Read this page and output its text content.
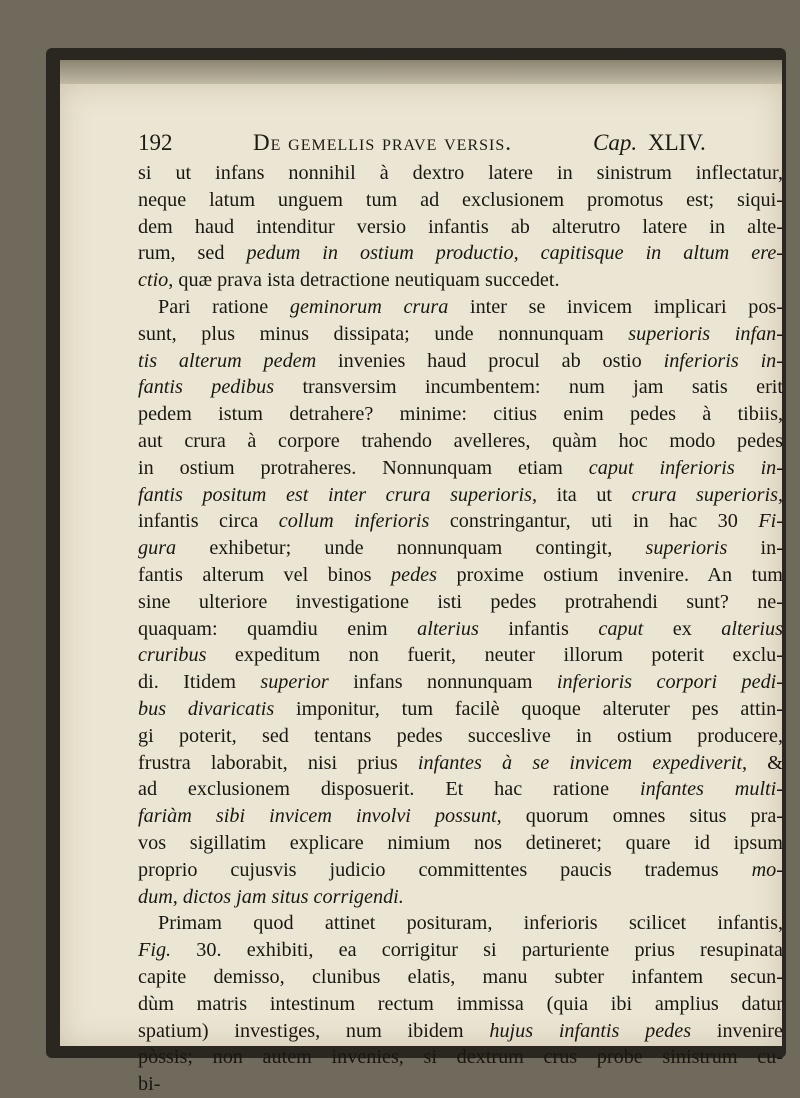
192	De gemellis prave versis.	Cap. XLIV.
si ut infans nonnihil à dextro latere in sinistrum inflectatur,
neque latum unguem tum ad exclusionem promotus est; siqui-
dem haud intenditur versio infantis ab alterutro latere in alte-
rum, sed pedum in ostium productio, capitisque in altum ere-
ctio, quæ prava ista detractione neutiquam succedet.
Pari ratione geminorum crura inter se invicem implicari pos-
sunt, plus minus dissipata; unde nonnunquam superioris infan-
tis alterum pedem invenies haud procul ab ostio inferioris in-
fantis pedibus transversim incumbentem: num jam satis erit
pedem istum detrahere? minime: citius enim pedes à tibiis,
aut crura à corpore trahendo avelleres, quàm hoc modo pedes
in ostium protraheres. Nonnunquam etiam caput inferioris in-
fantis positum est inter crura superioris, ita ut crura superioris,
infantis circa collum inferioris constringantur, uti in hac 30 Fi-
gura exhibetur; unde nonnunquam contingit, superioris in-
fantis alterum vel binos pedes proxime ostium invenire. An tum
sine ulteriore investigatione isti pedes protrahendi sunt? ne-
quaquam: quamdiu enim alterius infantis caput ex alterius
cruribus expeditum non fuerit, neuter illorum poterit exclu-
di. Itidem superior infans nonnunquam inferioris corpori pedi-
bus divaricatis imponitur, tum facilè quoque alteruter pes attin-
gi poterit, sed tentans pedes succeslive in ostium producere,
frustra laborabit, nisi prius infantes à se invicem expediverit, &
ad exclusionem disposuerit. Et hac ratione infantes multi-
fariàm sibi invicem involvi possunt, quorum omnes situs pra-
vos sigillatim explicare nimium nos detineret; quare id ipsum
proprio cujusvis judicio committentes paucis trademus mo-
dum, dictos jam situs corrigendi.
Primam quod attinet posituram, inferioris scilicet infantis,
Fig. 30. exhibiti, ea corrigitur si parturiente prius resupinata
capite demisso, clunibus elatis, manu subter infantem secun-
dùm matris intestinum rectum immissa (quia ibi amplius datur
spatium) investiges, num ibidem hujus infantis pedes invenire
pòssis; non autem invenies, si dextrum crus probe sinistrum cu-
bi-
